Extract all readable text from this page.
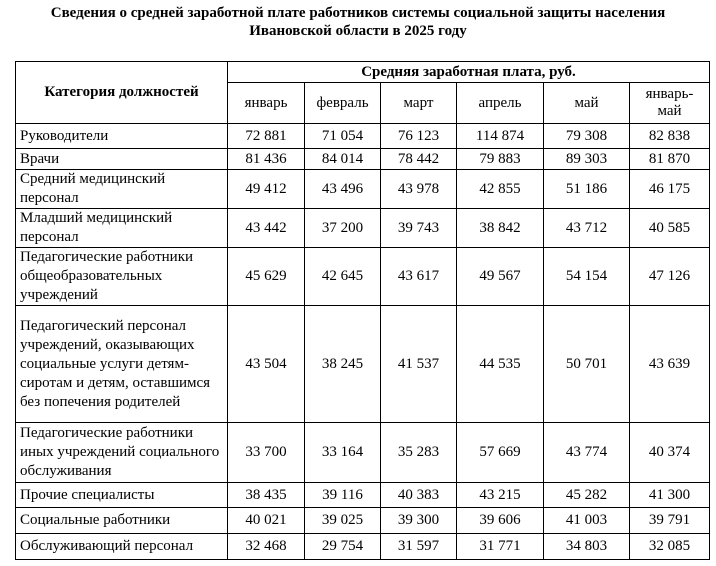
Сведения о средней заработной плате работников системы социальной защиты населения
Ивановской области в 2025 году
Категория должностей	Средняя заработная плата, руб.					
	январь	февраль	март	апрель	май	январь-
май
Руководители	72 881	71 054	76 123	114 874	79 308	82 838
Врачи	81 436	84 014	78 442	79 883	89 303	81 870
Средний медицинский персонал	49 412	43 496	43 978	42 855	51 186	46 175
Младший медицинский персонал	43 442	37 200	39 743	38 842	43 712	40 585
Педагогические работники общеобразовательных учреждений	45 629	42 645	43 617	49 567	54 154	47 126
Педагогический персонал учреждений, оказывающих социальные услуги детям-сиротам и детям, оставшимся без попечения родителей	43 504	38 245	41 537	44 535	50 701	43 639
Педагогические работники иных учреждений социального обслуживания	33 700	33 164	35 283	57 669	43 774	40 374
Прочие специалисты	38 435	39 116	40 383	43 215	45 282	41 300
Социальные работники	40 021	39 025	39 300	39 606	41 003	39 791
Обслуживающий персонал	32 468	29 754	31 597	31 771	34 803	32 085
